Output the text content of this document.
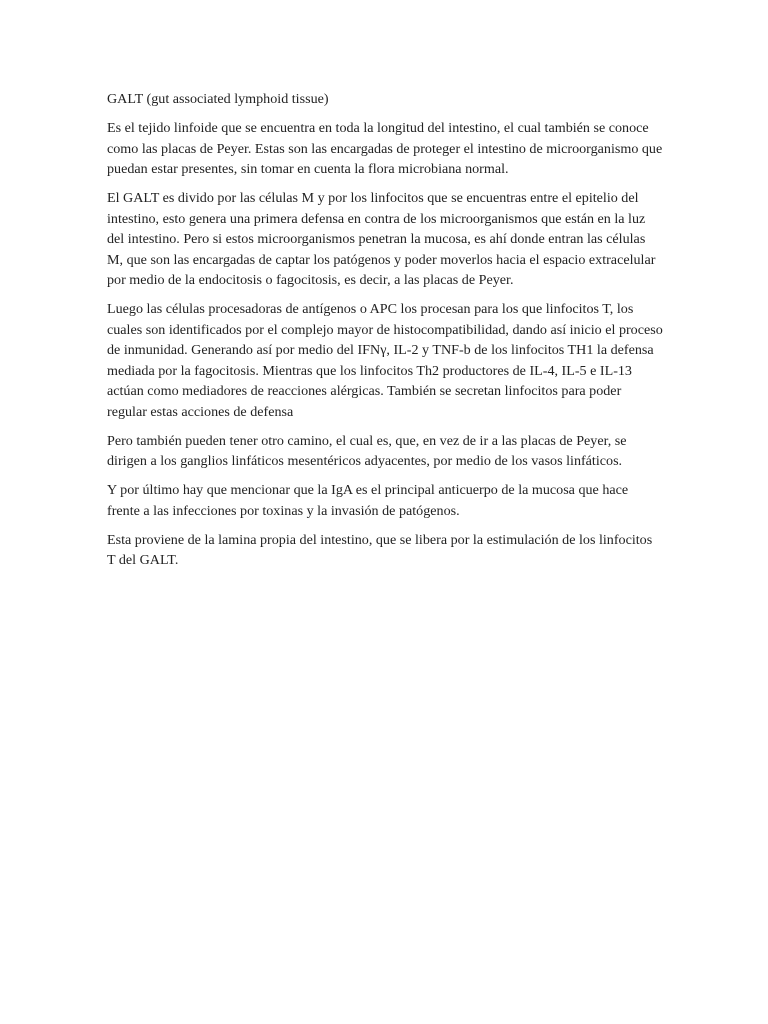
GALT (gut associated lymphoid tissue)

Es el tejido linfoide que se encuentra en toda la longitud del intestino, el cual también se conoce como las placas de Peyer. Estas son las encargadas de proteger el intestino de microorganismo que puedan estar presentes, sin tomar en cuenta la flora microbiana normal.

El GALT es divido por las células M y por los linfocitos que se encuentras entre el epitelio del intestino, esto genera una primera defensa en contra de los microorganismos que están en la luz del intestino. Pero si estos microorganismos penetran la mucosa, es ahí donde entran las células M, que son las encargadas de captar los patógenos y poder moverlos hacia el espacio extracelular por medio de la endocitosis o fagocitosis, es decir, a las placas de Peyer.

Luego las células procesadoras de antígenos o APC los procesan para los que linfocitos T, los cuales son identificados por el complejo mayor de histocompatibilidad, dando así inicio el proceso de inmunidad. Generando así por medio del IFNγ, IL-2 y TNF-b de los linfocitos TH1 la defensa mediada por la fagocitosis. Mientras que los linfocitos Th2 productores de IL-4, IL-5 e IL-13 actúan como mediadores de reacciones alérgicas. También se secretan linfocitos para poder regular estas acciones de defensa

Pero también pueden tener otro camino, el cual es, que, en vez de ir a las placas de Peyer, se dirigen a los ganglios linfáticos mesentéricos adyacentes, por medio de los vasos linfáticos.

Y por último hay que mencionar que la IgA es el principal anticuerpo de la mucosa que hace frente a las infecciones por toxinas y la invasión de patógenos.

Esta proviene de la lamina propia del intestino, que se libera por la estimulación de los linfocitos T del GALT.
